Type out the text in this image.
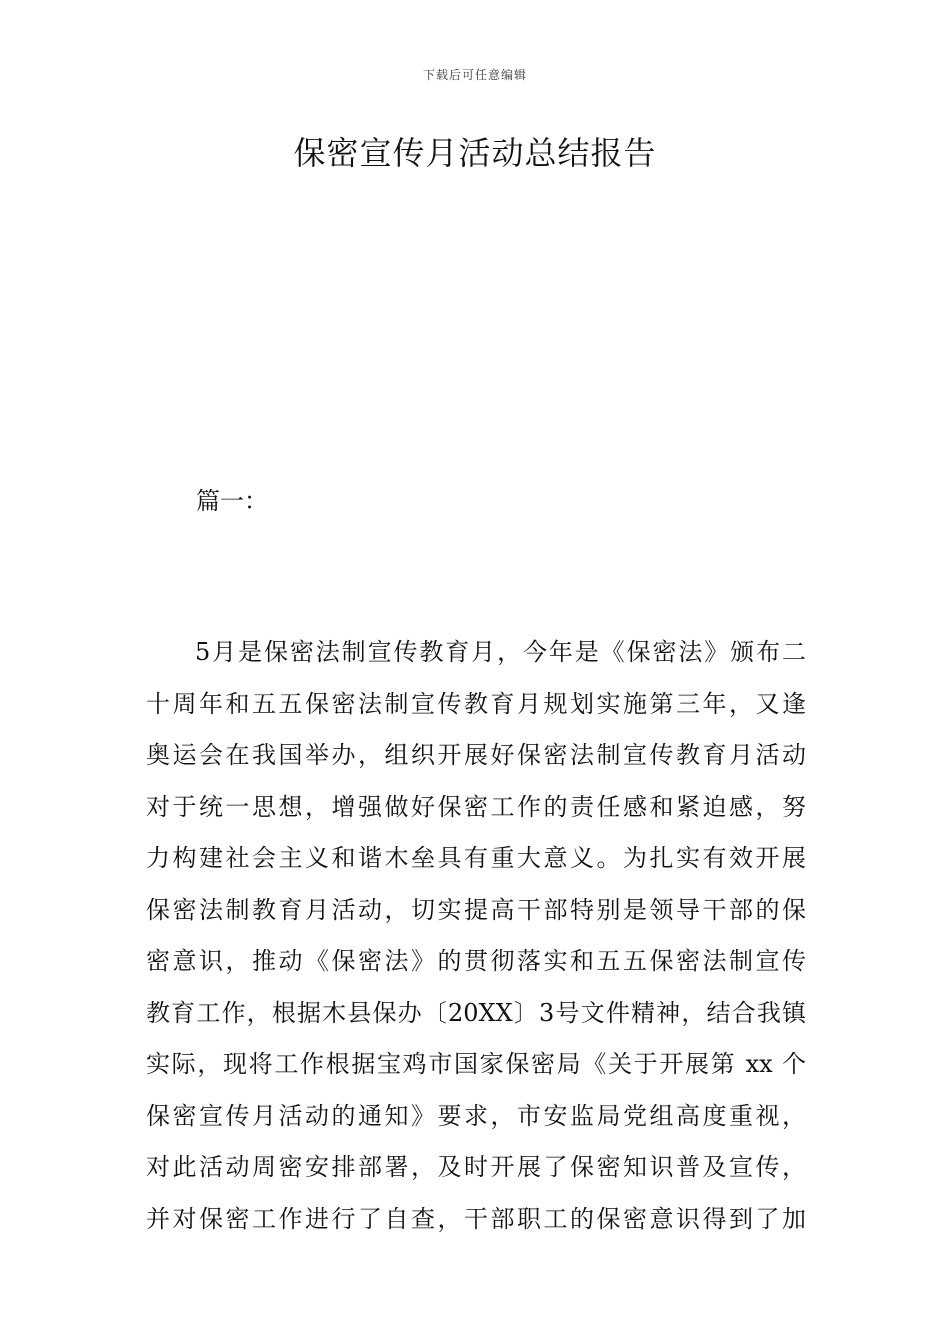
下载后可任意编辑
保密宣传月活动总结报告
篇一：
5月是保密法制宣传教育月，今年是《保密法》颁布二
十周年和五五保密法制宣传教育月规划实施第三年，又逢
奥运会在我国举办，组织开展好保密法制宣传教育月活动
对于统一思想，增强做好保密工作的责任感和紧迫感，努
力构建社会主义和谐木垒具有重大意义。为扎实有效开展
保密法制教育月活动，切实提高干部特别是领导干部的保
密意识，推动《保密法》的贯彻落实和五五保密法制宣传
教育工作，根据木县保办〔20XX〕3号文件精神，结合我镇
实际，现将工作根据宝鸡市国家保密局《关于开展第 xx 个
保密宣传月活动的通知》要求，市安监局党组高度重视，
对此活动周密安排部署，及时开展了保密知识普及宣传，
并对保密工作进行了自查，干部职工的保密意识得到了加
